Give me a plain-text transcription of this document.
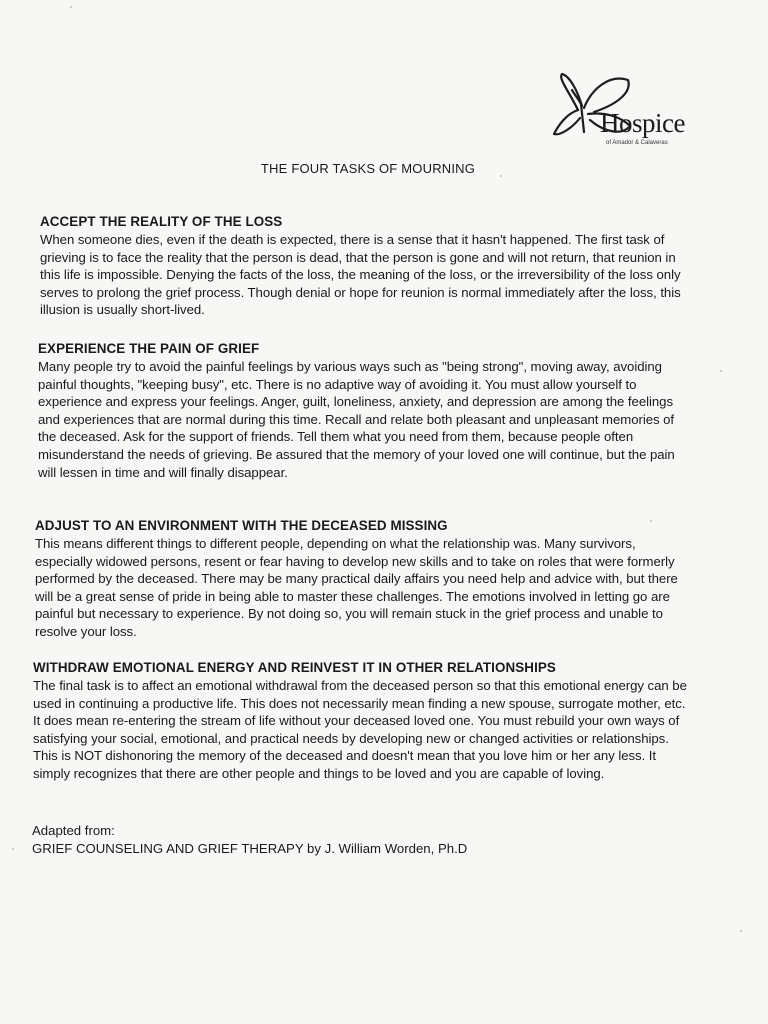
Hospice
of Amador & Calaveras
THE FOUR TASKS OF MOURNING
ACCEPT THE REALITY OF THE LOSS

When someone dies, even if the death is expected, there is a sense that it hasn't happened. The first task of grieving is to face the reality that the person is dead, that the person is gone and will not return, that reunion in this life is impossible. Denying the facts of the loss, the meaning of the loss, or the irreversibility of the loss only serves to prolong the grief process. Though denial or hope for reunion is normal immediately after the loss, this illusion is usually short-lived.

EXPERIENCE THE PAIN OF GRIEF

Many people try to avoid the painful feelings by various ways such as "being strong", moving away, avoiding painful thoughts, "keeping busy", etc. There is no adaptive way of avoiding it. You must allow yourself to experience and express your feelings. Anger, guilt, loneliness, anxiety, and depression are among the feelings and experiences that are normal during this time. Recall and relate both pleasant and unpleasant memories of the deceased. Ask for the support of friends. Tell them what you need from them, because people often misunderstand the needs of grieving. Be assured that the memory of your loved one will continue, but the pain will lessen in time and will finally disappear.

ADJUST TO AN ENVIRONMENT WITH THE DECEASED MISSING

This means different things to different people, depending on what the relationship was. Many survivors, especially widowed persons, resent or fear having to develop new skills and to take on roles that were formerly performed by the deceased. There may be many practical daily affairs you need help and advice with, but there will be a great sense of pride in being able to master these challenges. The emotions involved in letting go are painful but necessary to experience. By not doing so, you will remain stuck in the grief process and unable to resolve your loss.

WITHDRAW EMOTIONAL ENERGY AND REINVEST IT IN OTHER RELATIONSHIPS

The final task is to affect an emotional withdrawal from the deceased person so that this emotional energy can be used in continuing a productive life. This does not necessarily mean finding a new spouse, surrogate mother, etc. It does mean re-entering the stream of life without your deceased loved one. You must rebuild your own ways of satisfying your social, emotional, and practical needs by developing new or changed activities or relationships. This is NOT dishonoring the memory of the deceased and doesn't mean that you love him or her any less. It simply recognizes that there are other people and things to be loved and you are capable of loving.

Adapted from:
GRIEF COUNSELING AND GRIEF THERAPY by J. William Worden, Ph.D
